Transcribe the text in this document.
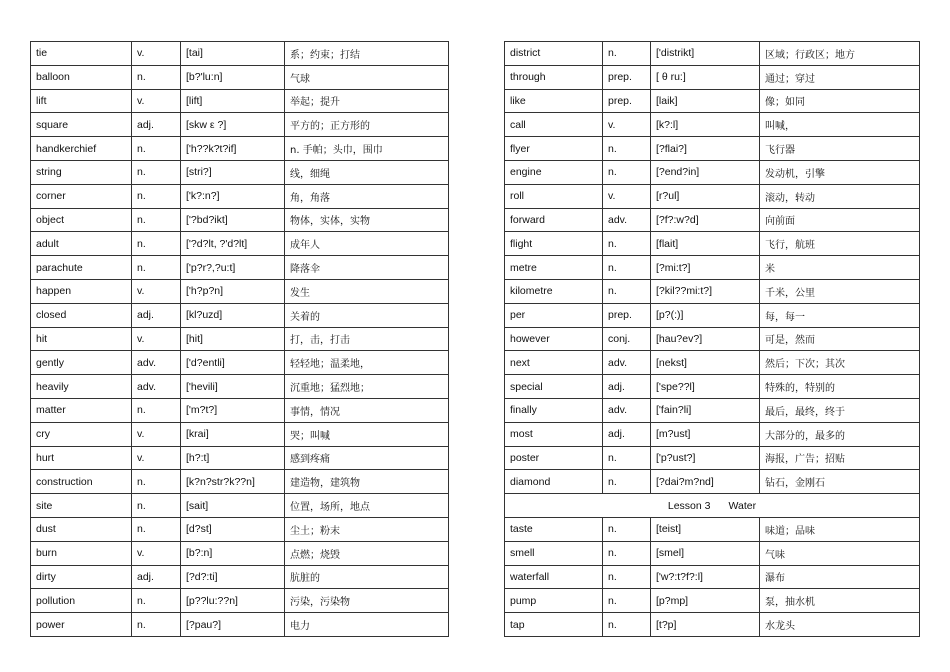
tie	v.	[tai]	系；约束；打结
balloon	n.	[b?'lu:n]	气球
lift	v.	[lift]	举起；提升
square	adj.	[skw ε ?]	平方的；正方形的
handkerchief	n.	['h??k?t?if]	n. 手帕；头巾，围巾
string	n.	[stri?]	线，细绳
corner	n.	['k?:n?]	角，角落
object	n.	['?bd?ikt]	物体，实体，实物
adult	n.	['?d?lt, ?'d?lt]	成年人
parachute	n.	['p?r?,?u:t]	降落伞
happen	v.	['h?p?n]	发生
closed	adj.	[kl?uzd]	关着的
hit	v.	[hit]	打，击，打击
gently	adv.	['d?entli]	轻轻地；温柔地，
heavily	adv.	['hevili]	沉重地；猛烈地；
matter	n.	['m?t?]	事情，情况
cry	v.	[krai]	哭；叫喊
hurt	v.	[h?:t]	感到疼痛
construction	n.	[k?n?str?k??n]	建造物，建筑物
site	n.	[sait]	位置，场所，地点
dust	n.	[d?st]	尘土；粉末
burn	v.	[b?:n]	点燃；烧毁
dirty	adj.	[?d?:ti]	肮脏的
pollution	n.	[p??lu:??n]	污染，污染物
power	n.	[?pau?]	电力
district	n.	['distrikt]	区域；行政区；地方
through	prep.	[ θ ru:]	通过；穿过
like	prep.	[laik]	像；如同
call	v.	[k?:l]	叫喊，
flyer	n.	[?flai?]	飞行器
engine	n.	[?end?in]	发动机，引擎
roll	v.	[r?ul]	滚动，转动
forward	adv.	[?f?:w?d]	向前面
flight	n.	[flait]	飞行，航班
metre	n.	[?mi:t?]	米
kilometre	n.	[?kil??mi:t?]	千米，公里
per	prep.	[p?(:)]	每，每一
however	conj.	[hau?ev?]	可是，然而
next	adv.	[nekst]	然后；下次；其次
special	adj.	['spe??l]	特殊的，特别的
finally	adv.	['fain?li]	最后，最终，终于
most	adj.	[m?ust]	大部分的，最多的
poster	n.	['p?ust?]	海报，广告；招贴
diamond	n.	[?dai?m?nd]	钻石，金刚石
Lesson 3 Water			
taste	n.	[teist]	味道；品味
smell	n.	[smel]	气味
waterfall	n.	['w?:t?f?:l]	瀑布
pump	n.	[p?mp]	泵，抽水机
tap	n.	[t?p]	水龙头
